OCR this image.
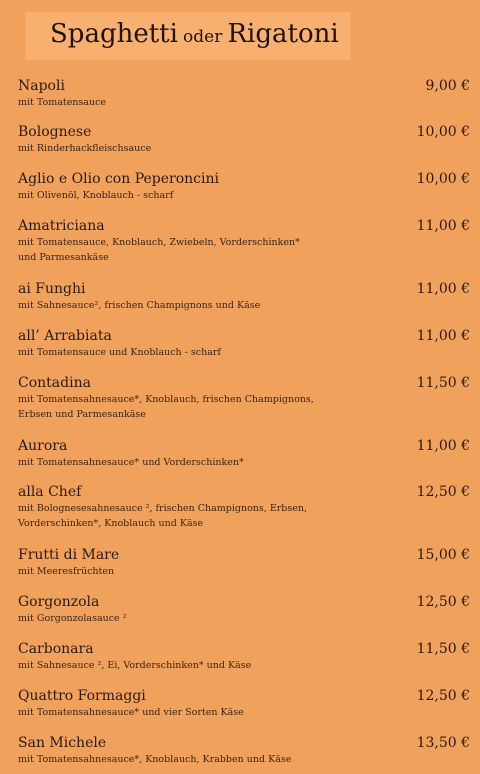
Spaghetti oder Rigatoni
Napoli
mit Tomatensauce
9,00 €
Bolognese
mit Rinderhackfleischsauce
10,00 €
Aglio e Olio con Peperoncini
mit Olivenöl, Knoblauch - scharf
10,00 €
Amatriciana
mit Tomatensauce, Knoblauch, Zwiebeln, Vorderschinken*
und Parmesankäse
11,00 €
ai Funghi
mit Sahnesauce², frischen Champignons und Käse
11,00 €
all’ Arrabiata
mit Tomatensauce und Knoblauch - scharf
11,00 €
Contadina
mit Tomatensahnesauce*, Knoblauch, frischen Champignons,
Erbsen und Parmesankäse
11,50 €
Aurora
mit Tomatensahnesauce* und Vorderschinken*
11,00 €
alla Chef
mit Bolognesesahnesauce ², frischen Champignons, Erbsen,
Vorderschinken*, Knoblauch und Käse
12,50 €
Frutti di Mare
mit Meeresfrüchten
15,00 €
Gorgonzola
mit Gorgonzolasauce ²
12,50 €
Carbonara
mit Sahnesauce ², Ei, Vorderschinken* und Käse
11,50 €
Quattro Formaggi
mit Tomatensahnesauce* und vier Sorten Käse
12,50 €
San Michele
mit Tomatensahnesauce*, Knoblauch, Krabben und Käse
13,50 €
